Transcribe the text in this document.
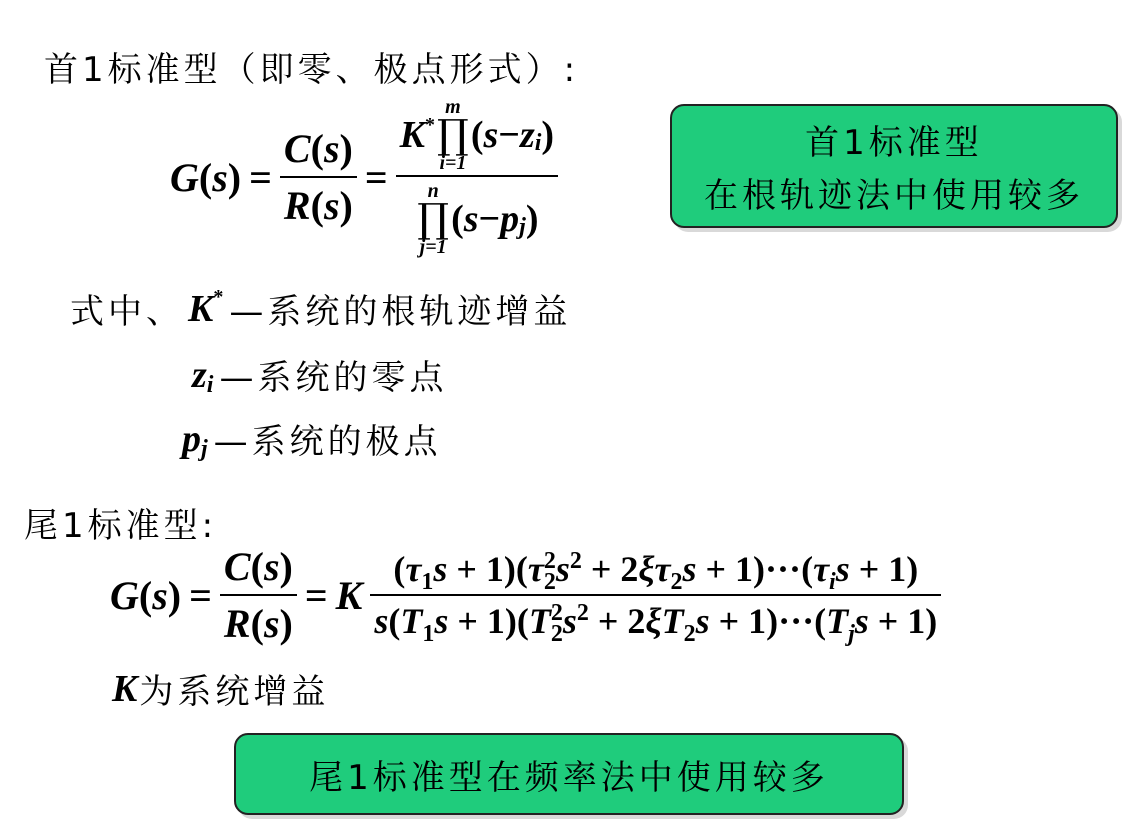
首1标准型（即零、极点形式）:
G ( s ) = $\frac{C(s)}{R(s)}$ =
K*
m
∏
i=1
( $s - z_i$ )
n
∏
j=1
( $s - p_j$ )
首1标准型
在根轨迹法中使用较多
式中、 K* —系统的根轨迹增益
$z_i$ —系统的零点
$p_j$ —系统的极点
尾1标准型:
G ( s ) = $\frac{C(s)}{R(s)} = K \frac{(\tau_1s + 1)(\tau_2^2s^2 + 2\xi\tau_2s + 1)\cdot\cdot\cdot(\tau_is + 1)}{s(T_1s + 1)(T_2^2s^2 + 2\xi T_2s + 1)\cdot\cdot\cdot(T_js + 1)}$
K 为系统增益
尾1标准型在频率法中使用较多
